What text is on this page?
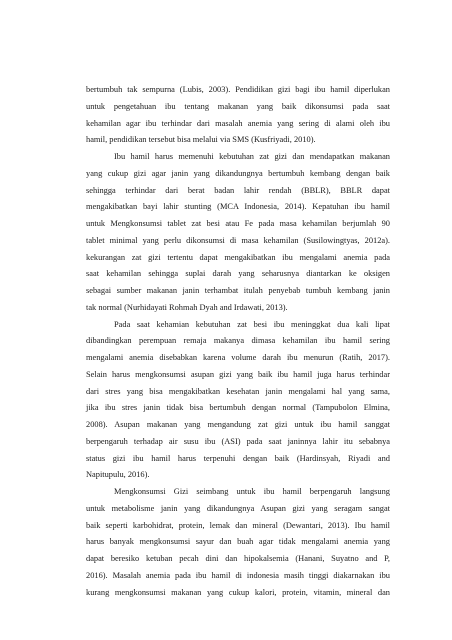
bertumbuh tak sempurna (Lubis, 2003). Pendidikan gizi bagi ibu hamil diperlukan
untuk pengetahuan ibu tentang makanan yang baik dikonsumsi pada saat
kehamilan agar ibu terhindar dari masalah anemia yang sering di alami oleh ibu
hamil, pendidikan tersebut bisa melalui via SMS (Kusfriyadi, 2010).
Ibu hamil harus memenuhi kebutuhan zat gizi dan mendapatkan makanan
yang cukup gizi agar janin yang dikandungnya bertumbuh kembang dengan baik
sehingga terhindar dari berat badan lahir rendah (BBLR), BBLR dapat
mengakibatkan bayi lahir stunting (MCA Indonesia, 2014). Kepatuhan ibu hamil
untuk Mengkonsumsi tablet zat besi atau Fe pada masa kehamilan berjumlah 90
tablet minimal yang perlu dikonsumsi di masa kehamilan (Susilowingtyas, 2012a).
kekurangan zat gizi tertentu dapat mengakibatkan ibu mengalami anemia pada
saat kehamilan sehingga suplai darah yang seharusnya diantarkan ke oksigen
sebagai sumber makanan janin terhambat itulah penyebab tumbuh kembang janin
tak normal (Nurhidayati Rohmah Dyah and Irdawati, 2013).
Pada saat kehamian kebutuhan zat besi ibu meninggkat dua kali lipat
dibandingkan perempuan remaja makanya dimasa kehamilan ibu hamil sering
mengalami anemia disebabkan karena volume darah ibu menurun (Ratih, 2017).
Selain harus mengkonsumsi asupan gizi yang baik ibu hamil juga harus terhindar
dari stres yang bisa mengakibatkan kesehatan janin mengalami hal yang sama,
jika ibu stres janin tidak bisa bertumbuh dengan normal (Tampubolon Elmina,
2008). Asupan makanan yang mengandung zat gizi untuk ibu hamil sanggat
berpengaruh terhadap air susu ibu (ASI) pada saat janinnya lahir itu sebabnya
status gizi ibu hamil harus terpenuhi dengan baik (Hardinsyah, Riyadi and
Napitupulu, 2016).
Mengkonsumsi Gizi seimbang untuk ibu hamil berpengaruh langsung
untuk metabolisme janin yang dikandungnya Asupan gizi yang seragam sangat
baik seperti karbohidrat, protein, lemak dan mineral (Dewantari, 2013). Ibu hamil
harus banyak mengkonsumsi sayur dan buah agar tidak mengalami anemia yang
dapat beresiko ketuban pecah dini dan hipokalsemia (Hanani, Suyatno and P,
2016). Masalah anemia pada ibu hamil di indonesia masih tinggi diakarnakan ibu
kurang mengkonsumsi makanan yang cukup kalori, protein, vitamin, mineral dan
